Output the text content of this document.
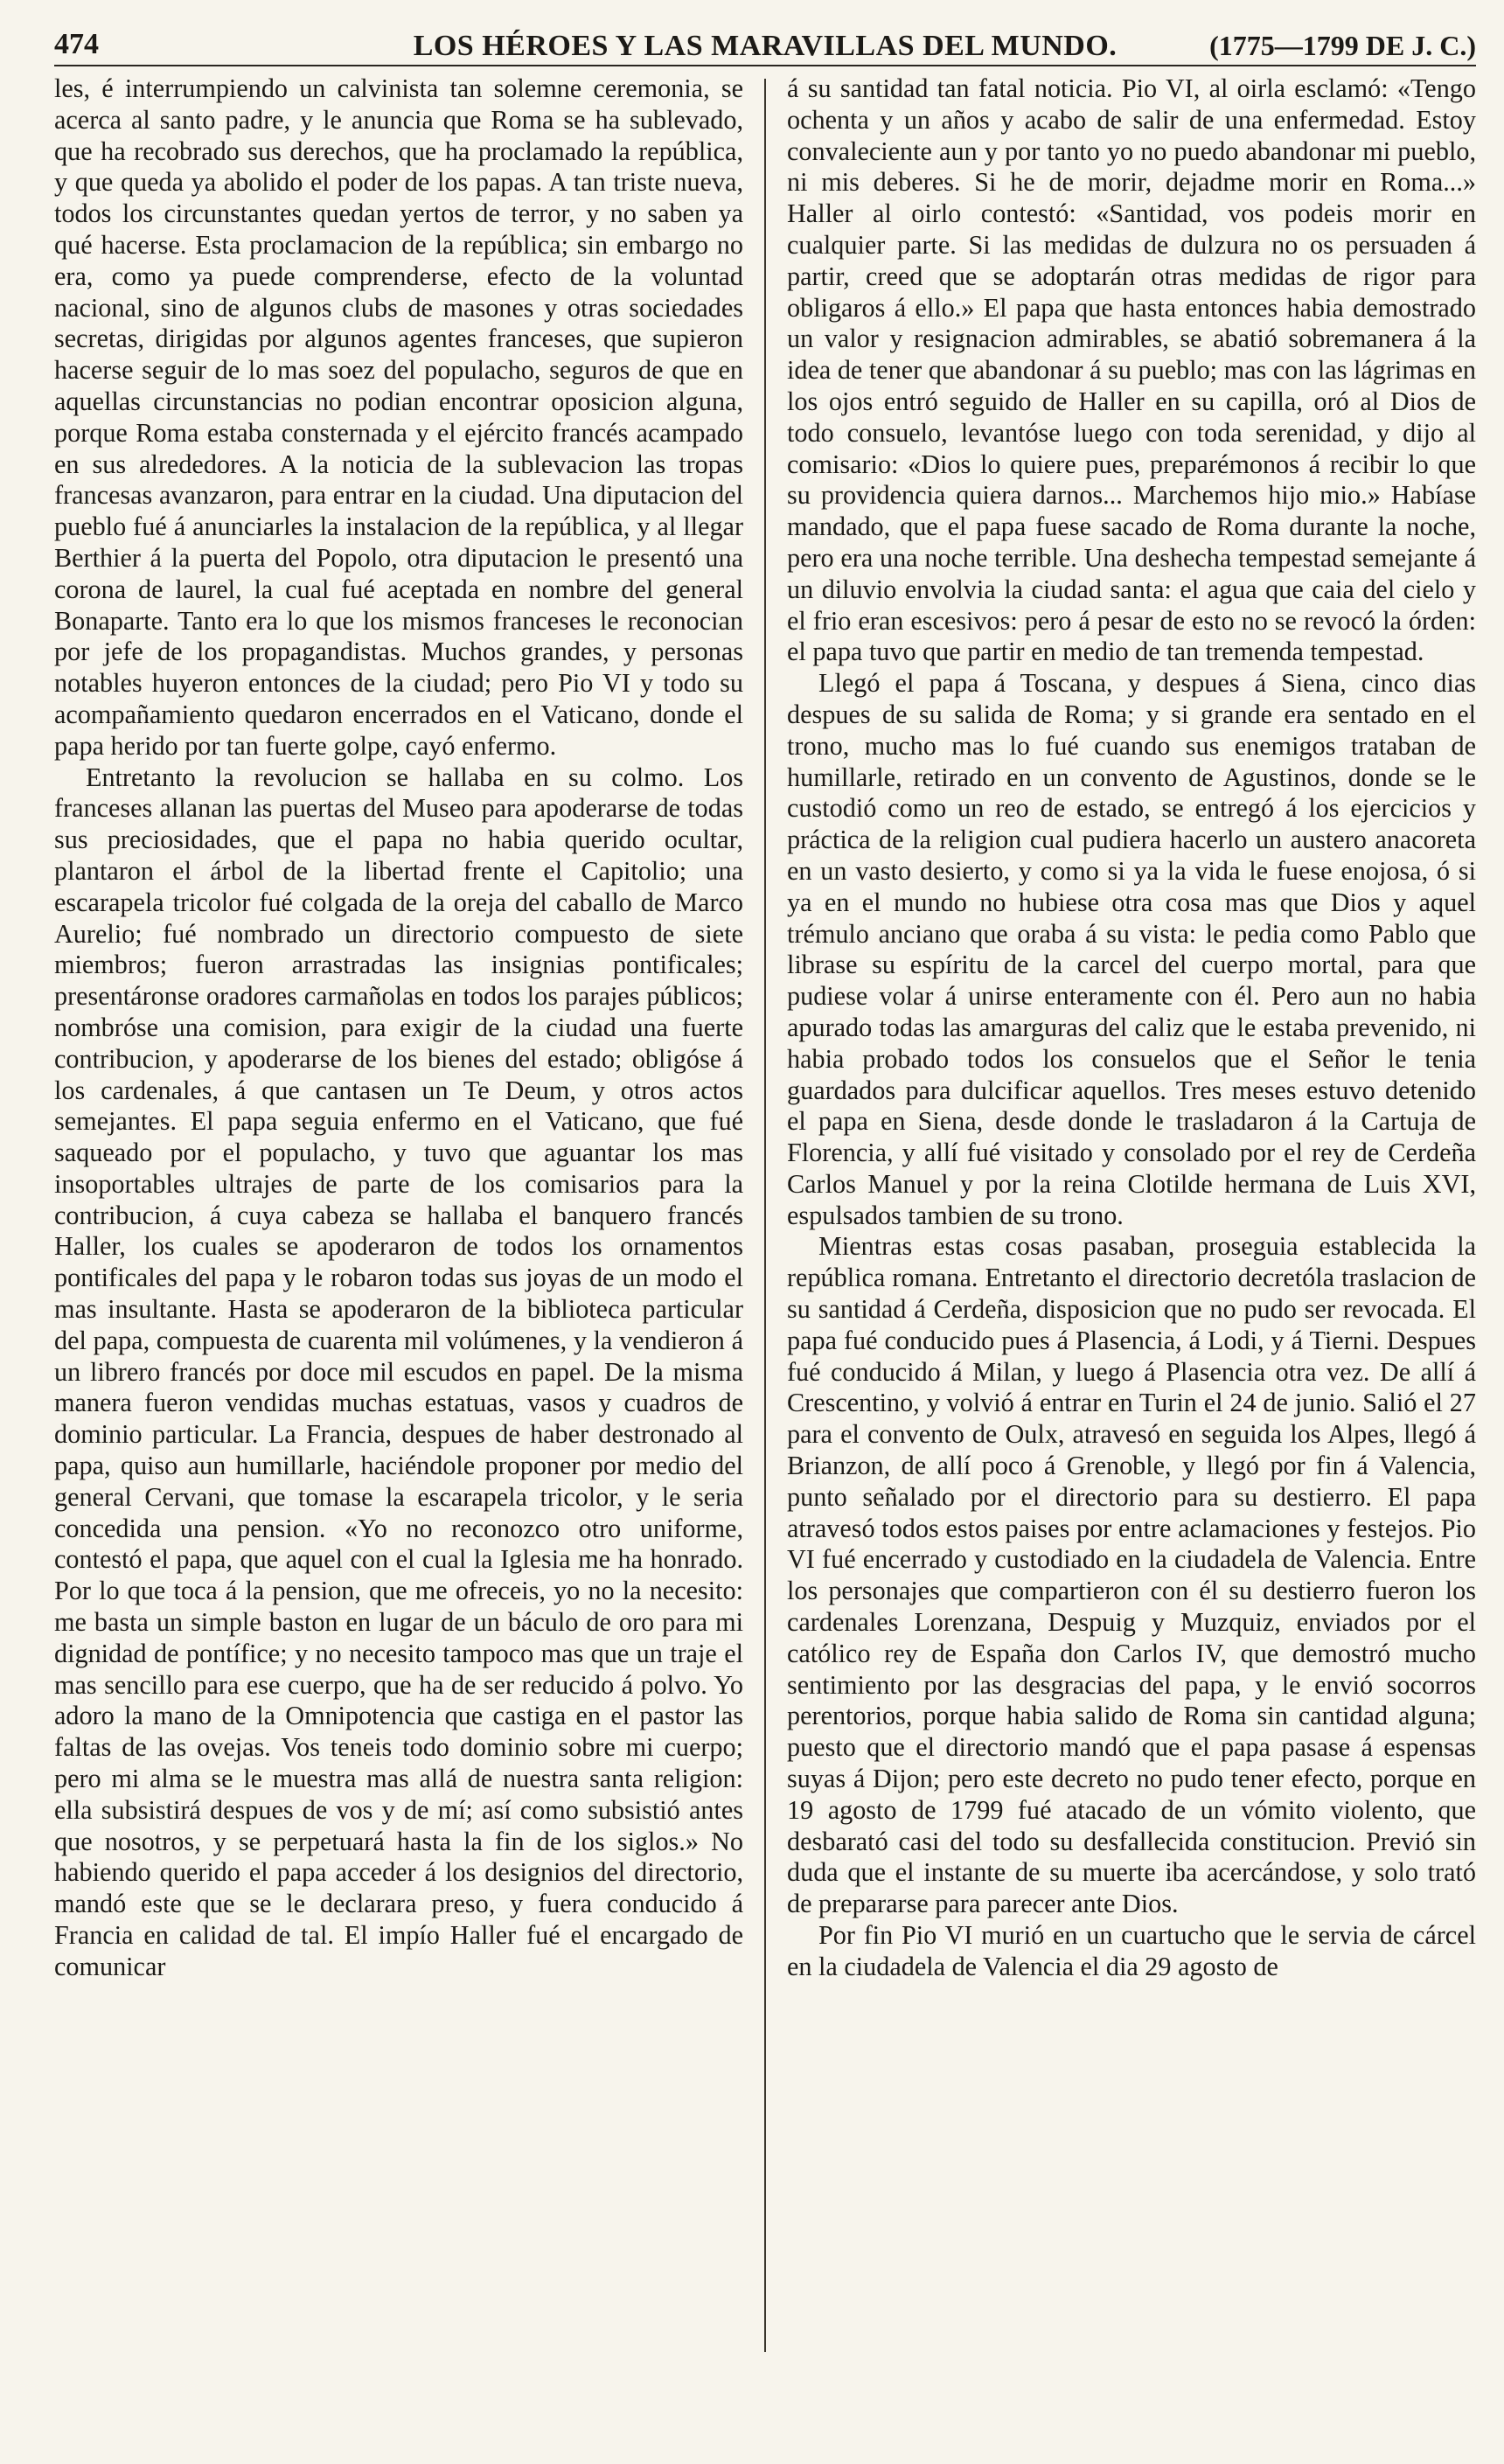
474	LOS HÉROES Y LAS MARAVILLAS DEL MUNDO.	(1775—1799 DE J. C.)

les, é interrumpiendo un calvinista tan solemne ceremonia, se acerca al santo padre, y le anuncia que Roma se ha sublevado, que ha recobrado sus derechos, que ha proclamado la república, y que queda ya abolido el poder de los papas. A tan triste nueva, todos los circunstantes quedan yertos de terror, y no saben ya qué hacerse. Esta proclamacion de la república; sin embargo no era, como ya puede comprenderse, efecto de la voluntad nacional, sino de algunos clubs de masones y otras sociedades secretas, dirigidas por algunos agentes franceses, que supieron hacerse seguir de lo mas soez del populacho, seguros de que en aquellas circunstancias no podian encontrar oposicion alguna, porque Roma estaba consternada y el ejército francés acampado en sus alrededores. A la noticia de la sublevacion las tropas francesas avanzaron, para entrar en la ciudad. Una diputacion del pueblo fué á anunciarles la instalacion de la república, y al llegar Berthier á la puerta del Popolo, otra diputacion le presentó una corona de laurel, la cual fué aceptada en nombre del general Bonaparte. Tanto era lo que los mismos franceses le reconocian por jefe de los propagandistas. Muchos grandes, y personas notables huyeron entonces de la ciudad; pero Pio VI y todo su acompañamiento quedaron encerrados en el Vaticano, donde el papa herido por tan fuerte golpe, cayó enfermo.

Entretanto la revolucion se hallaba en su colmo. Los franceses allanan las puertas del Museo para apoderarse de todas sus preciosidades, que el papa no habia querido ocultar, plantaron el árbol de la libertad frente el Capitolio; una escarapela tricolor fué colgada de la oreja del caballo de Marco Aurelio; fué nombrado un directorio compuesto de siete miembros; fueron arrastradas las insignias pontificales; presentáronse oradores carmañolas en todos los parajes públicos; nombróse una comision, para exigir de la ciudad una fuerte contribucion, y apoderarse de los bienes del estado; obligóse á los cardenales, á que cantasen un Te Deum, y otros actos semejantes. El papa seguia enfermo en el Vaticano, que fué saqueado por el populacho, y tuvo que aguantar los mas insoportables ultrajes de parte de los comisarios para la contribucion, á cuya cabeza se hallaba el banquero francés Haller, los cuales se apoderaron de todos los ornamentos pontificales del papa y le robaron todas sus joyas de un modo el mas insultante. Hasta se apoderaron de la biblioteca particular del papa, compuesta de cuarenta mil volúmenes, y la vendieron á un librero francés por doce mil escudos en papel. De la misma manera fueron vendidas muchas estatuas, vasos y cuadros de dominio particular. La Francia, despues de haber destronado al papa, quiso aun humillarle, haciéndole proponer por medio del general Cervani, que tomase la escarapela tricolor, y le seria concedida una pension. «Yo no reconozco otro uniforme, contestó el papa, que aquel con el cual la Iglesia me ha honrado. Por lo que toca á la pension, que me ofreceis, yo no la necesito: me basta un simple baston en lugar de un báculo de oro para mi dignidad de pontífice; y no necesito tampoco mas que un traje el mas sencillo para ese cuerpo, que ha de ser reducido á polvo. Yo adoro la mano de la Omnipotencia que castiga en el pastor las faltas de las ovejas. Vos teneis todo dominio sobre mi cuerpo; pero mi alma se le muestra mas allá de nuestra santa religion: ella subsistirá despues de vos y de mí; así como subsistió antes que nosotros, y se perpetuará hasta la fin de los siglos.» No habiendo querido el papa acceder á los designios del directorio, mandó este que se le declarara preso, y fuera conducido á Francia en calidad de tal. El impío Haller fué el encargado de comunicar

á su santidad tan fatal noticia. Pio VI, al oirla esclamó: «Tengo ochenta y un años y acabo de salir de una enfermedad. Estoy convaleciente aun y por tanto yo no puedo abandonar mi pueblo, ni mis deberes. Si he de morir, dejadme morir en Roma...» Haller al oirlo contestó: «Santidad, vos podeis morir en cualquier parte. Si las medidas de dulzura no os persuaden á partir, creed que se adoptarán otras medidas de rigor para obligaros á ello.» El papa que hasta entonces habia demostrado un valor y resignacion admirables, se abatió sobremanera á la idea de tener que abandonar á su pueblo; mas con las lágrimas en los ojos entró seguido de Haller en su capilla, oró al Dios de todo consuelo, levantóse luego con toda serenidad, y dijo al comisario: «Dios lo quiere pues, preparémonos á recibir lo que su providencia quiera darnos... Marchemos hijo mio.» Habíase mandado, que el papa fuese sacado de Roma durante la noche, pero era una noche terrible. Una deshecha tempestad semejante á un diluvio envolvia la ciudad santa: el agua que caia del cielo y el frio eran escesivos: pero á pesar de esto no se revocó la órden: el papa tuvo que partir en medio de tan tremenda tempestad.

Llegó el papa á Toscana, y despues á Siena, cinco dias despues de su salida de Roma; y si grande era sentado en el trono, mucho mas lo fué cuando sus enemigos trataban de humillarle, retirado en un convento de Agustinos, donde se le custodió como un reo de estado, se entregó á los ejercicios y práctica de la religion cual pudiera hacerlo un austero anacoreta en un vasto desierto, y como si ya la vida le fuese enojosa, ó si ya en el mundo no hubiese otra cosa mas que Dios y aquel trémulo anciano que oraba á su vista: le pedia como Pablo que librase su espíritu de la carcel del cuerpo mortal, para que pudiese volar á unirse enteramente con él. Pero aun no habia apurado todas las amarguras del caliz que le estaba prevenido, ni habia probado todos los consuelos que el Señor le tenia guardados para dulcificar aquellos. Tres meses estuvo detenido el papa en Siena, desde donde le trasladaron á la Cartuja de Florencia, y allí fué visitado y consolado por el rey de Cerdeña Carlos Manuel y por la reina Clotilde hermana de Luis XVI, espulsados tambien de su trono.

Mientras estas cosas pasaban, proseguia establecida la república romana. Entretanto el directorio decretóla traslacion de su santidad á Cerdeña, disposicion que no pudo ser revocada. El papa fué conducido pues á Plasencia, á Lodi, y á Tierni. Despues fué conducido á Milan, y luego á Plasencia otra vez. De allí á Crescentino, y volvió á entrar en Turin el 24 de junio. Salió el 27 para el convento de Oulx, atravesó en seguida los Alpes, llegó á Brianzon, de allí poco á Grenoble, y llegó por fin á Valencia, punto señalado por el directorio para su destierro. El papa atravesó todos estos paises por entre aclamaciones y festejos. Pio VI fué encerrado y custodiado en la ciudadela de Valencia. Entre los personajes que compartieron con él su destierro fueron los cardenales Lorenzana, Despuig y Muzquiz, enviados por el católico rey de España don Carlos IV, que demostró mucho sentimiento por las desgracias del papa, y le envió socorros perentorios, porque habia salido de Roma sin cantidad alguna; puesto que el directorio mandó que el papa pasase á espensas suyas á Dijon; pero este decreto no pudo tener efecto, porque en 19 agosto de 1799 fué atacado de un vómito violento, que desbarató casi del todo su desfallecida constitucion. Previó sin duda que el instante de su muerte iba acercándose, y solo trató de prepararse para parecer ante Dios.

Por fin Pio VI murió en un cuartucho que le servia de cárcel en la ciudadela de Valencia el dia 29 agosto de
